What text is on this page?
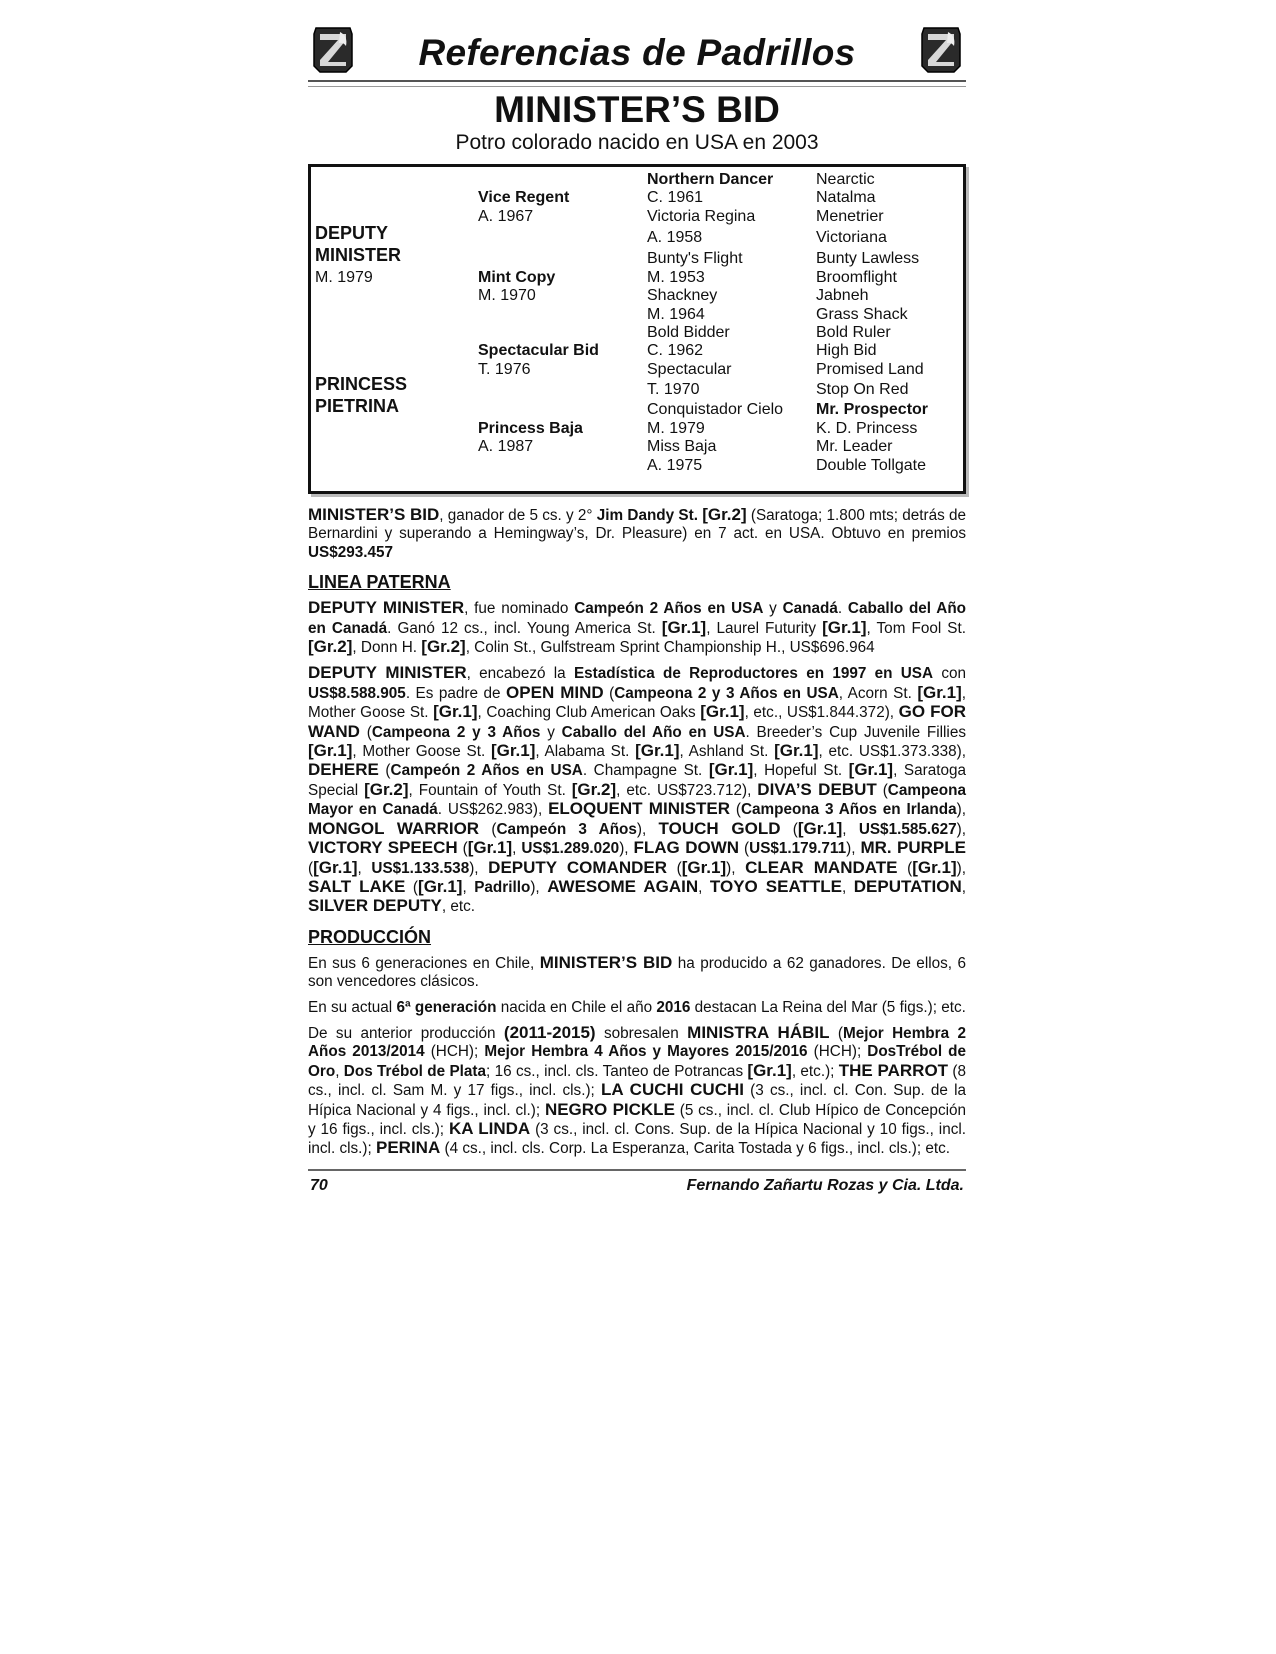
Referencias de Padrillos
MINISTER’S BID
Potro colorado nacido en USA en 2003
DEPUTY
MINISTER
M. 1979
PRINCESS
PIETRINA
Vice Regent
A. 1967
Mint Copy
M. 1970
Spectacular Bid
T. 1976
Princess Baja
A. 1987
Northern Dancer
C. 1961
Victoria Regina
A. 1958
Bunty's Flight
M. 1953
Shackney
M. 1964
Bold Bidder
C. 1962
Spectacular
T. 1970
Conquistador Cielo
M. 1979
Miss Baja
A. 1975
Nearctic
Natalma
Menetrier
Victoriana
Bunty Lawless
Broomflight
Jabneh
Grass Shack
Bold Ruler
High Bid
Promised Land
Stop On Red
Mr. Prospector
K. D. Princess
Mr. Leader
Double Tollgate

MINISTER’S BID, ganador de 5 cs. y 2° Jim Dandy St. [Gr.2] (Saratoga; 1.800 mts; detrás de Bernardini y superando a Hemingway’s, Dr. Pleasure) en 7 act. en USA. Obtuvo en premios US$293.457

LINEA PATERNA

DEPUTY MINISTER, fue nominado Campeón 2 Años en USA y Canadá. Caballo del Año en Canadá. Ganó 12 cs., incl. Young America St. [Gr.1], Laurel Futurity [Gr.1], Tom Fool St. [Gr.2], Donn H. [Gr.2], Colin St., Gulfstream Sprint Championship H., US$696.964

DEPUTY MINISTER, encabezó la Estadística de Reproductores en 1997 en USA con US$8.588.905. Es padre de OPEN MIND (Campeona 2 y 3 Años en USA, Acorn St. [Gr.1], Mother Goose St. [Gr.1], Coaching Club American Oaks [Gr.1], etc., US$1.844.372), GO FOR WAND (Campeona 2 y 3 Años y Caballo del Año en USA. Breeder’s Cup Juvenile Fillies [Gr.1], Mother Goose St. [Gr.1], Alabama St. [Gr.1], Ashland St. [Gr.1], etc. US$1.373.338), DEHERE (Campeón 2 Años en USA. Champagne St. [Gr.1], Hopeful St. [Gr.1], Saratoga Special [Gr.2], Fountain of Youth St. [Gr.2], etc. US$723.712), DIVA’S DEBUT (Campeona Mayor en Canadá. US$262.983), ELOQUENT MINISTER (Campeona 3 Años en Irlanda), MONGOL WARRIOR (Campeón 3 Años), TOUCH GOLD ([Gr.1], US$1.585.627), VICTORY SPEECH ([Gr.1], US$1.289.020), FLAG DOWN (US$1.179.711), MR. PURPLE ([Gr.1], US$1.133.538), DEPUTY COMANDER ([Gr.1]), CLEAR MANDATE ([Gr.1]), SALT LAKE ([Gr.1], Padrillo), AWESOME AGAIN, TOYO SEATTLE, DEPUTATION, SILVER DEPUTY, etc.

PRODUCCIÓN

En sus 6 generaciones en Chile, MINISTER’S BID ha producido a 62 ganadores. De ellos, 6 son vencedores clásicos.

En su actual 6ª generación nacida en Chile el año 2016 destacan La Reina del Mar (5 figs.); etc.

De su anterior producción (2011-2015) sobresalen MINISTRA HÁBIL (Mejor Hembra 2 Años 2013/2014 (HCH); Mejor Hembra 4 Años y Mayores 2015/2016 (HCH); DosTrébol de Oro, Dos Trébol de Plata; 16 cs., incl. cls. Tanteo de Potrancas [Gr.1], etc.); THE PARROT (8 cs., incl. cl. Sam M. y 17 figs., incl. cls.); LA CUCHI CUCHI (3 cs., incl. cl. Con. Sup. de la Hípica Nacional y 4 figs., incl. cl.); NEGRO PICKLE (5 cs., incl. cl. Club Hípico de Concepción y 16 figs., incl. cls.); KA LINDA (3 cs., incl. cl. Cons. Sup. de la Hípica Nacional y 10 figs., incl. incl. cls.); PERINA (4 cs., incl. cls. Corp. La Esperanza, Carita Tostada y 6 figs., incl. cls.); etc.

70	Fernando Zañartu Rozas y Cia. Ltda.
